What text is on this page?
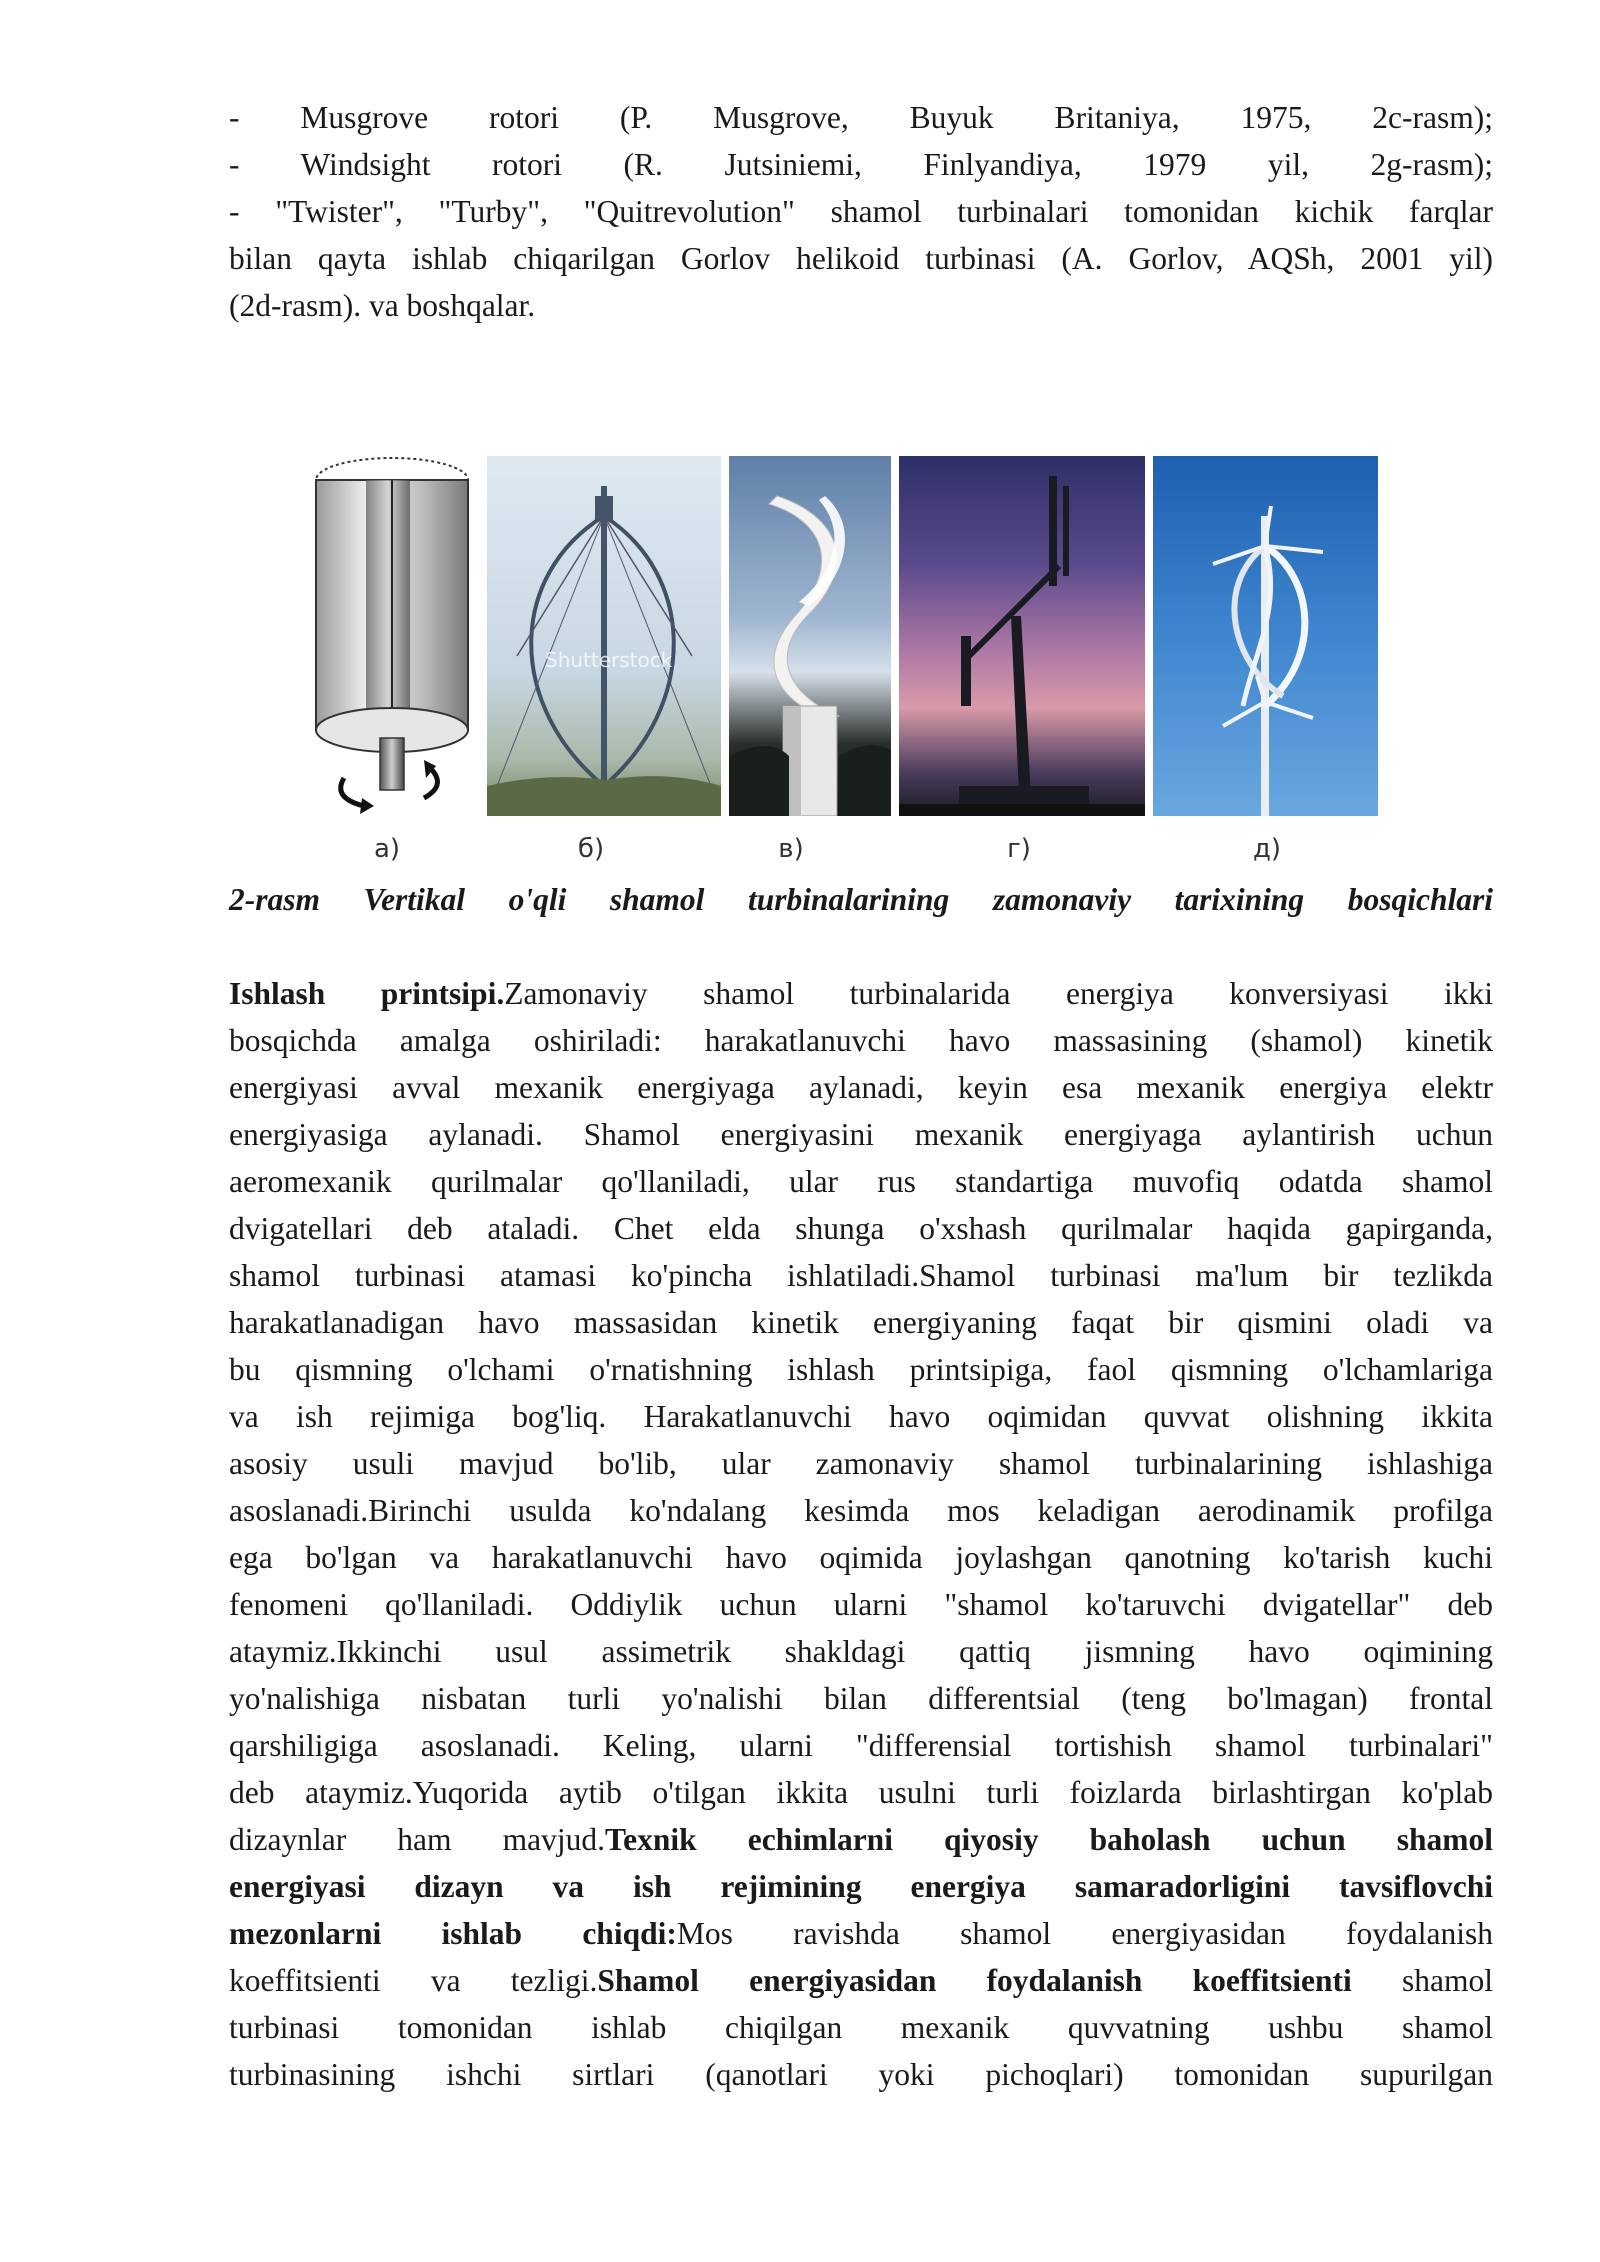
- Musgrove rotori (P. Musgrove, Buyuk Britaniya, 1975, 2c-rasm);
- Windsight rotori (R. Jutsiniemi, Finlyandiya, 1979 yil, 2g-rasm);
- "Twister", "Turby", "Quitrevolution" shamol turbinalari tomonidan kichik farqlar
bilan qayta ishlab chiqarilgan Gorlov helikoid turbinasi (A. Gorlov, AQSh, 2001 yil)
(2d-rasm). va boshqalar.
Shutterstock
а)	б)	в)	г)	д)
2-rasm Vertikal o'qli shamol turbinalarining zamonaviy tarixining bosqichlari
Ishlash printsipi.Zamonaviy shamol turbinalarida energiya konversiyasi ikki
bosqichda amalga oshiriladi: harakatlanuvchi havo massasining (shamol) kinetik
energiyasi avval mexanik energiyaga aylanadi, keyin esa mexanik energiya elektr
energiyasiga aylanadi. Shamol energiyasini mexanik energiyaga aylantirish uchun
aeromexanik qurilmalar qo'llaniladi, ular rus standartiga muvofiq odatda shamol
dvigatellari deb ataladi. Chet elda shunga o'xshash qurilmalar haqida gapirganda,
shamol turbinasi atamasi ko'pincha ishlatiladi.Shamol turbinasi ma'lum bir tezlikda
harakatlanadigan havo massasidan kinetik energiyaning faqat bir qismini oladi va
bu qismning o'lchami o'rnatishning ishlash printsipiga, faol qismning o'lchamlariga
va ish rejimiga bog'liq. Harakatlanuvchi havo oqimidan quvvat olishning ikkita
asosiy usuli mavjud bo'lib, ular zamonaviy shamol turbinalarining ishlashiga
asoslanadi.Birinchi usulda ko'ndalang kesimda mos keladigan aerodinamik profilga
ega bo'lgan va harakatlanuvchi havo oqimida joylashgan qanotning ko'tarish kuchi
fenomeni qo'llaniladi. Oddiylik uchun ularni "shamol ko'taruvchi dvigatellar" deb
ataymiz.Ikkinchi usul assimetrik shakldagi qattiq jismning havo oqimining
yo'nalishiga nisbatan turli yo'nalishi bilan differentsial (teng bo'lmagan) frontal
qarshiligiga asoslanadi. Keling, ularni "differensial tortishish shamol turbinalari"
deb ataymiz.Yuqorida aytib o'tilgan ikkita usulni turli foizlarda birlashtirgan ko'plab
dizaynlar ham mavjud.Texnik echimlarni qiyosiy baholash uchun shamol
energiyasi dizayn va ish rejimining energiya samaradorligini tavsiflovchi
mezonlarni ishlab chiqdi:Mos ravishda shamol energiyasidan foydalanish
koeffitsienti va tezligi.Shamol energiyasidan foydalanish koeffitsienti shamol
turbinasi tomonidan ishlab chiqilgan mexanik quvvatning ushbu shamol
turbinasining ishchi sirtlari (qanotlari yoki pichoqlari) tomonidan supurilgan
